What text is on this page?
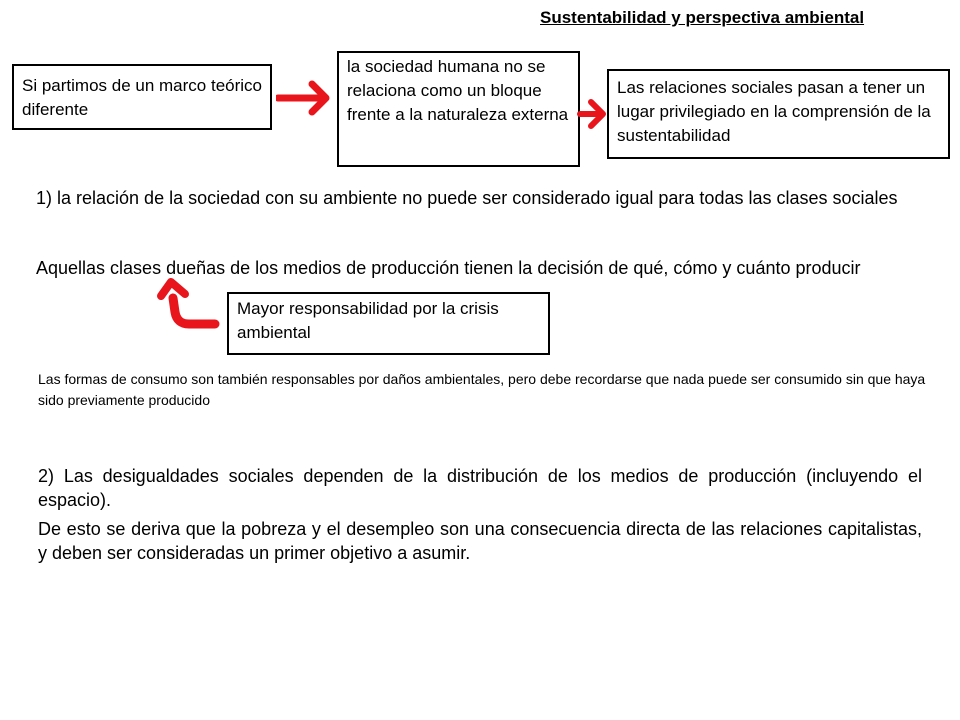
Sustentabilidad y perspectiva ambiental
Si partimos de un marco teórico diferente
la sociedad humana no se relaciona como un bloque frente a la naturaleza externa
Las relaciones sociales pasan a tener un lugar privilegiado en la comprensión de la sustentabilidad
1) la relación de la sociedad con su ambiente no puede ser considerado igual para todas las clases sociales
Aquellas clases dueñas de los medios de producción tienen la decisión de qué, cómo y cuánto producir
Mayor responsabilidad por la crisis ambiental
Las formas de consumo son también responsables por daños ambientales, pero debe recordarse que nada puede ser consumido sin que haya sido previamente producido
2) Las desigualdades sociales dependen de la distribución de los medios de producción (incluyendo el espacio).
De esto se deriva que la pobreza y el desempleo son una consecuencia directa de las relaciones capitalistas, y deben ser consideradas un primer objetivo a asumir.
